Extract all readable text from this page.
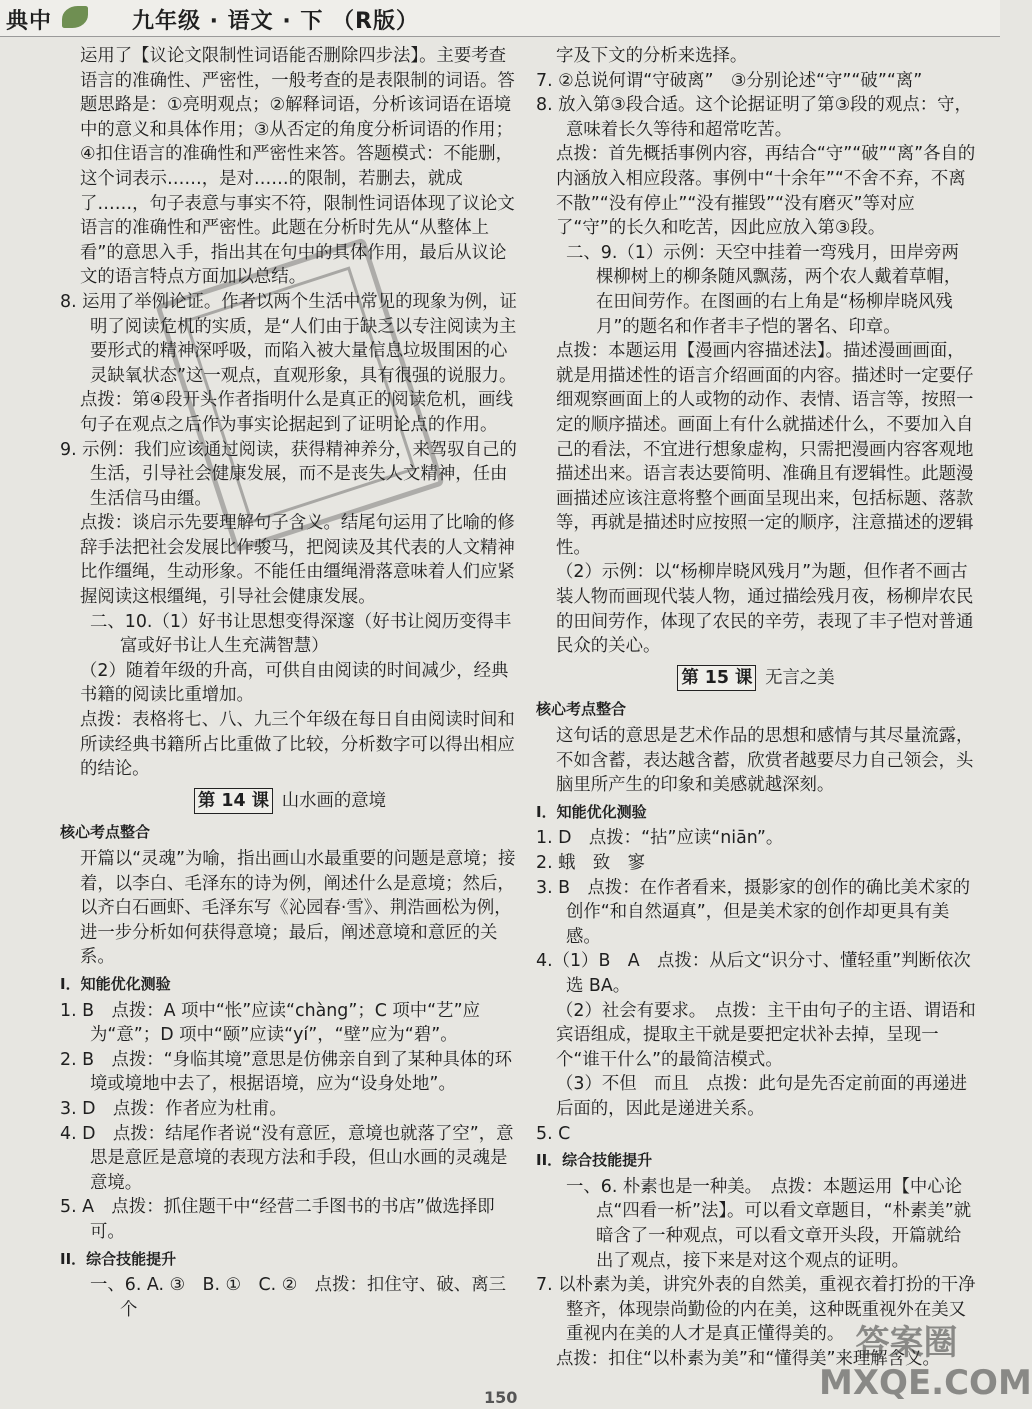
典中	九年级 · 语文 · 下 （R版）
运用了【议论文限制性词语能否删除四步法】。主要考查语言的准确性、严密性，一般考查的是表限制的词语。答题思路是：①亮明观点；②解释词语，分析该词语在语境中的意义和具体作用；③从否定的角度分析词语的作用；④扣住语言的准确性和严密性来答。答题模式：不能删，这个词表示……，是对……的限制，若删去，就成了……，句子表意与事实不符，限制性词语体现了议论文语言的准确性和严密性。此题在分析时先从“从整体上看”的意思入手，指出其在句中的具体作用，最后从议论文的语言特点方面加以总结。
8. 运用了举例论证。作者以两个生活中常见的现象为例，证明了阅读危机的实质，是“人们由于缺乏以专注阅读为主要形式的精神深呼吸，而陷入被大量信息垃圾围困的心灵缺氧状态”这一观点，直观形象，具有很强的说服力。
点拨：第④段开头作者指明什么是真正的阅读危机，画线句子在观点之后作为事实论据起到了证明论点的作用。
9. 示例：我们应该通过阅读，获得精神养分，来驾驭自己的生活，引导社会健康发展，而不是丧失人文精神，任由生活信马由缰。
点拨：谈启示先要理解句子含义。结尾句运用了比喻的修辞手法把社会发展比作骏马，把阅读及其代表的人文精神比作缰绳，生动形象。不能任由缰绳滑落意味着人们应紧握阅读这根缰绳，引导社会健康发展。
二、10.（1）好书让思想变得深邃（好书让阅历变得丰富或好书让人生充满智慧）
（2）随着年级的升高，可供自由阅读的时间减少，经典书籍的阅读比重增加。
点拨：表格将七、八、九三个年级在每日自由阅读时间和所读经典书籍所占比重做了比较，分析数字可以得出相应的结论。
第 14 课  山水画的意境
核心考点整合
开篇以“灵魂”为喻，指出画山水最重要的问题是意境；接着，以李白、毛泽东的诗为例，阐述什么是意境；然后，以齐白石画虾、毛泽东写《沁园春·雪》、荆浩画松为例，进一步分析如何获得意境；最后，阐述意境和意匠的关系。
I．知能优化测验
1. B　点拨：A 项中“怅”应读“chàng”；C 项中“艺”应为“意”；D 项中“颐”应读“yí”，“壁”应为“碧”。
2. B　点拨：“身临其境”意思是仿佛亲自到了某种具体的环境或境地中去了，根据语境，应为“设身处地”。
3. D　点拨：作者应为杜甫。
4. D　点拨：结尾作者说“没有意匠，意境也就落了空”，意思是意匠是意境的表现方法和手段，但山水画的灵魂是意境。
5. A　点拨：抓住题干中“经营二手图书的书店”做选择即可。
II．综合技能提升
一、6. A. ③　B. ①　C. ②　点拨：扣住守、破、离三个
字及下文的分析来选择。
7. ②总说何谓“守破离”　③分别论述“守”“破”“离”
8. 放入第③段合适。这个论据证明了第③段的观点：守，意味着长久等待和超常吃苦。
点拨：首先概括事例内容，再结合“守”“破”“离”各自的内涵放入相应段落。事例中“十余年”“不舍不弃，不离不散”“没有停止”“没有摧毁”“没有磨灭”等对应了“守”的长久和吃苦，因此应放入第③段。
二、9.（1）示例：天空中挂着一弯残月，田岸旁两棵柳树上的柳条随风飘荡，两个农人戴着草帽，在田间劳作。在图画的右上角是“杨柳岸晓风残月”的题名和作者丰子恺的署名、印章。
点拨：本题运用【漫画内容描述法】。描述漫画画面，就是用描述性的语言介绍画面的内容。描述时一定要仔细观察画面上的人或物的动作、表情、语言等，按照一定的顺序描述。画面上有什么就描述什么，不要加入自己的看法，不宜进行想象虚构，只需把漫画内容客观地描述出来。语言表达要简明、准确且有逻辑性。此题漫画描述应该注意将整个画面呈现出来，包括标题、落款等，再就是描述时应按照一定的顺序，注意描述的逻辑性。
（2）示例：以“杨柳岸晓风残月”为题，但作者不画古装人物而画现代装人物，通过描绘残月夜，杨柳岸农民的田间劳作，体现了农民的辛劳，表现了丰子恺对普通民众的关心。
第 15 课  无言之美
核心考点整合
这句话的意思是艺术作品的思想和感情与其尽量流露，不如含蓄，表达越含蓄，欣赏者越要尽力自己领会，头脑里所产生的印象和美感就越深刻。
I．知能优化测验
1. D　点拨：“拈”应读“niān”。
2. 蛾　致　寥
3. B　点拨：在作者看来，摄影家的创作的确比美术家的创作“和自然逼真”，但是美术家的创作却更具有美感。
4.（1）B　A　点拨：从后文“识分寸、懂轻重”判断依次选 BA。
（2）社会有要求。　点拨：主干由句子的主语、谓语和宾语组成，提取主干就是要把定状补去掉，呈现一个“谁干什么”的最简洁模式。
（3）不但　而且　点拨：此句是先否定前面的再递进后面的，因此是递进关系。
5. C
II．综合技能提升
一、6. 朴素也是一种美。　点拨：本题运用【中心论点“四看一析”法】。可以看文章题目，“朴素美”就暗含了一种观点，可以看文章开头段，开篇就给出了观点，接下来是对这个观点的证明。
7. 以朴素为美，讲究外表的自然美，重视衣着打扮的干净整齐，体现崇尚勤俭的内在美，这种既重视外在美又重视内在美的人才是真正懂得美的。
点拨：扣住“以朴素为美”和“懂得美”来理解含义。
答案圈 MXQE.COM
150
